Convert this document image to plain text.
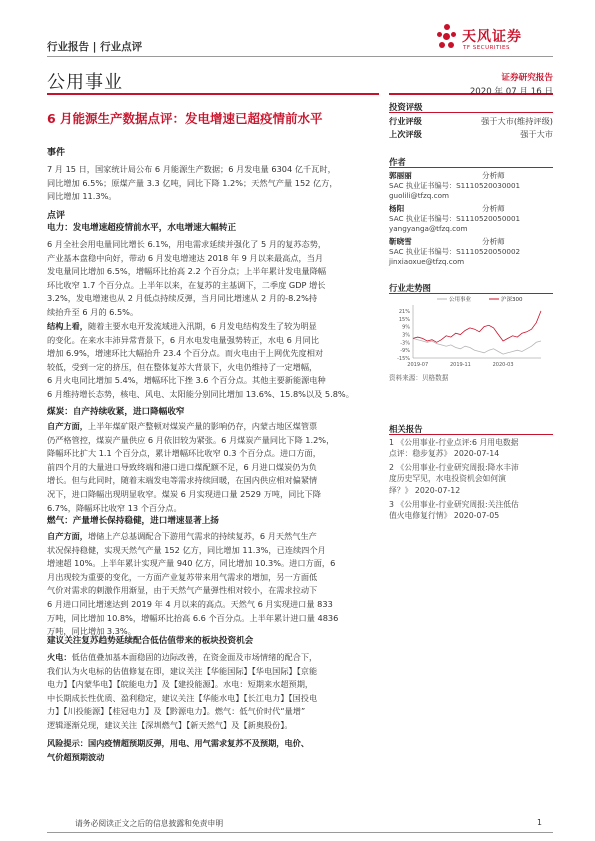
行业报告 | 行业点评
天风证券
TF SECURITIES
公用事业	证券研究报告
2020 年 07 月 16 日
6 月能源生产数据点评：发电增速已超疫情前水平
事件
7 月 15 日，国家统计局公布 6 月能源生产数据；6 月发电量 6304 亿千瓦时，
同比增加 6.5%；原煤产量 3.3 亿吨，同比下降 1.2%；天然气产量 152 亿方，
同比增加 11.3%。
点评
电力：发电增速超疫情前水平，水电增速大幅转正
6 月全社会用电量同比增长 6.1%，用电需求延续并强化了 5 月的复苏态势，
产业基本盘稳中向好，带动 6 月发电增速达 2018 年 9 月以来最高点，当月
发电量同比增加 6.5%，增幅环比抬高 2.2 个百分点；上半年累计发电量降幅
环比收窄 1.7 个百分点。上半年以来，在复苏的主基调下，二季度 GDP 增长
3.2%，发电增速也从 2 月低点持续反弹，当月同比增速从 2 月的-8.2%持
续抬升至 6 月的 6.5%。
结构上看，随着主要水电开发流域进入汛期，6 月发电结构发生了较为明显
的变化。在来水丰沛异常背景下，6 月水电发电量强势转正，水电 6 月同比
增加 6.9%，增速环比大幅抬升 23.4 个百分点。而火电由于上网优先度相对
较低，受到一定的挤压，但在整体复苏大背景下，火电仍维持了一定增幅，
6 月火电同比增加 5.4%，增幅环比下挫 3.6 个百分点。其他主要新能源电种
6 月维持增长态势，核电、风电、太阳能分别同比增加 13.6%、15.8%以及 5.8%。
煤炭：自产持续收紧，进口降幅收窄
自产方面，上半年煤矿限产整顿对煤炭产量的影响仍存，内蒙古地区煤管票
仍严格管控，煤炭产量供应 6 月依旧较为紧张。6 月煤炭产量同比下降 1.2%，
降幅环比扩大 1.1 个百分点，累计增幅环比收窄 0.3 个百分点。进口方面，
前四个月的大量进口导致终端和港口进口煤配额不足，6 月进口煤炭仍为负
增长。但与此同时，随着末端发电等需求持续回暖，在国内供应相对偏紧情
况下，进口降幅出现明显收窄。煤炭 6 月实现进口量 2529 万吨，同比下降
6.7%，降幅环比收窄 13 个百分点。
燃气：产量增长保持稳健，进口增速显著上扬
自产方面，增储上产总基调配合下游用气需求的持续复苏，6 月天然气生产
状况保持稳健，实现天然气产量 152 亿方，同比增加 11.3%，已连续四个月
增速超 10%。上半年累计实现产量 940 亿方，同比增加 10.3%。进口方面，6
月出现较为重要的变化，一方面产业复苏带来用气需求的增加，另一方面低
气价对需求的刺激作用渐显，由于天然气产量弹性相对较小，在需求拉动下
6 月进口同比增速达到 2019 年 4 月以来的高点。天然气 6 月实现进口量 833
万吨，同比增加 10.8%，增幅环比抬高 6.6 个百分点。上半年累计进口量 4836
万吨，同比增加 3.3%。
建议关注复苏趋势延续配合低估值带来的板块投资机会
火电：低估值叠加基本面稳固的边际改善，在资金面及市场情绪的配合下，
我们认为火电标的估值修复在即，建议关注【华能国际】【华电国际】【京能
电力】【内蒙华电】【皖能电力】及【建投能源】。水电：短期来水超预期，
中长期成长性优质、盈利稳定，建议关注【华能水电】【长江电力】【国投电
力】【川投能源】【桂冠电力】及【黔源电力】。燃气：低气价时代“量增”
逻辑逐渐兑现，建议关注【深圳燃气】【新天然气】及【新奥股份】。
风险提示：国内疫情超预期反弹，用电、用气需求复苏不及预期，电价、
气价超预期波动
投资评级
行业评级	强于大市(维持评级)
上次评级	强于大市
作者
郭丽丽	分析师
SAC 执业证书编号：S1110520030001
guolili@tfzq.com
杨阳	分析师
SAC 执业证书编号：S1110520050001
yangyanga@tfzq.com
靳晓雪	分析师
SAC 执业证书编号：S1110520050002
jinxiaoxue@tfzq.com
行业走势图
21%
15%
9%
3%
-3%
-9%
-15%
2019-07	2019-11	2020-03
公用事业	沪深300
资料来源：贝格数据
相关报告
1 《公用事业-行业点评:6 月用电数据
点评：稳步复苏》 2020-07-14
2 《公用事业-行业研究周报:降水丰沛
度历史罕见，水电投资机会如何演
绎？》 2020-07-12
3 《公用事业-行业研究周报:关注低估
值火电修复行情》 2020-07-05
请务必阅读正文之后的信息披露和免责申明	1
